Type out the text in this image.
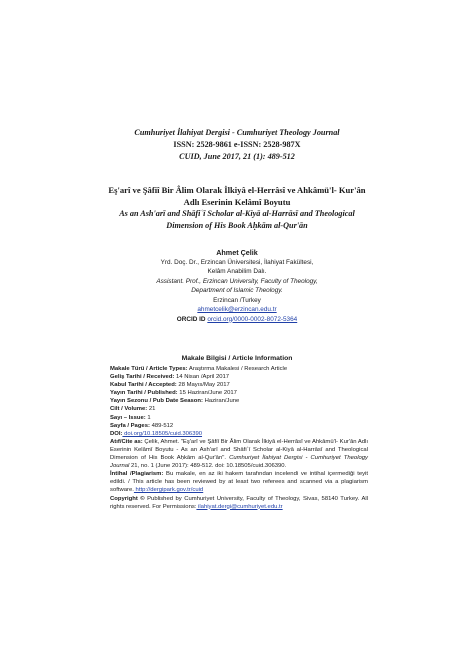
Cumhuriyet İlahiyat Dergisi - Cumhuriyet Theology Journal
ISSN: 2528-9861 e-ISSN: 2528-987X
CUID, June 2017, 21 (1): 489-512
Eş'arî ve Şâfiî Bir Âlim Olarak İlkiyâ el-Herrâsî ve Ahkâmü'l- Kur'ân
Adlı Eserinin Kelâmî Boyutu
As an Ash'arī and Shāfiʿī Scholar al-Kiyā al-Harrāsī and Theological
Dimension of His Book Aḥkām al-Qur'ān
Ahmet Çelik
Yrd. Doç. Dr., Erzincan Üniversitesi, İlahiyat Fakültesi,
Kelâm Anabilim Dalı.
Assistant. Prof., Erzincan University, Faculty of Theology,
Department of Islamic Theology.
Erzincan /Turkey
ahmetcelik@erzincan.edu.tr
ORCID ID orcid.org/0000-0002-8072-5364
Makale Bilgisi / Article Information
Makale Türü / Article Types: Araştırma Makalesi / Research Article
Geliş Tarihi / Received: 14 Nisan /April 2017
Kabul Tarihi / Accepted: 28 Mayıs/May 2017
Yayın Tarihi / Published: 15 Haziran/June 2017
Yayın Sezonu / Pub Date Season: Haziran/June
Cilt / Volume: 21
Sayı – Issue: 1
Sayfa / Pages: 489-512
DOI: doi.org/10.18505/cuid.306390
Atıf/Cite as: Çelik, Ahmet. "Eş'arî ve Şâfiî Bir Âlim Olarak İlkiyâ el-Herrâsî ve Ahkâmü'l- Kur'ân Adlı Eserinin Kelâmî Boyutu - As an Ash'arī and Shāfiʿī Scholar al-Kiyā al-Harrāsī and Theological Dimension of His Book Aḥkām al-Qur'ān". Cumhuriyet İlahiyat Dergisi - Cumhuriyet Theology Journal 21, no. 1 (June 2017): 489-512. doi: 10.18505/cuid.306390.
İntihal /Plagiarism: Bu makale, en az iki hakem tarafından incelendi ve intihal içermediği teyit edildi. / This article has been reviewed by at least two referees and scanned via a plagiarism software. http://dergipark.gov.tr/cuid
Copyright © Published by Cumhuriyet University, Faculty of Theology, Sivas, 58140 Turkey. All rights reserved. For Permissions: ilahiyat.dergi@cumhuriyet.edu.tr
